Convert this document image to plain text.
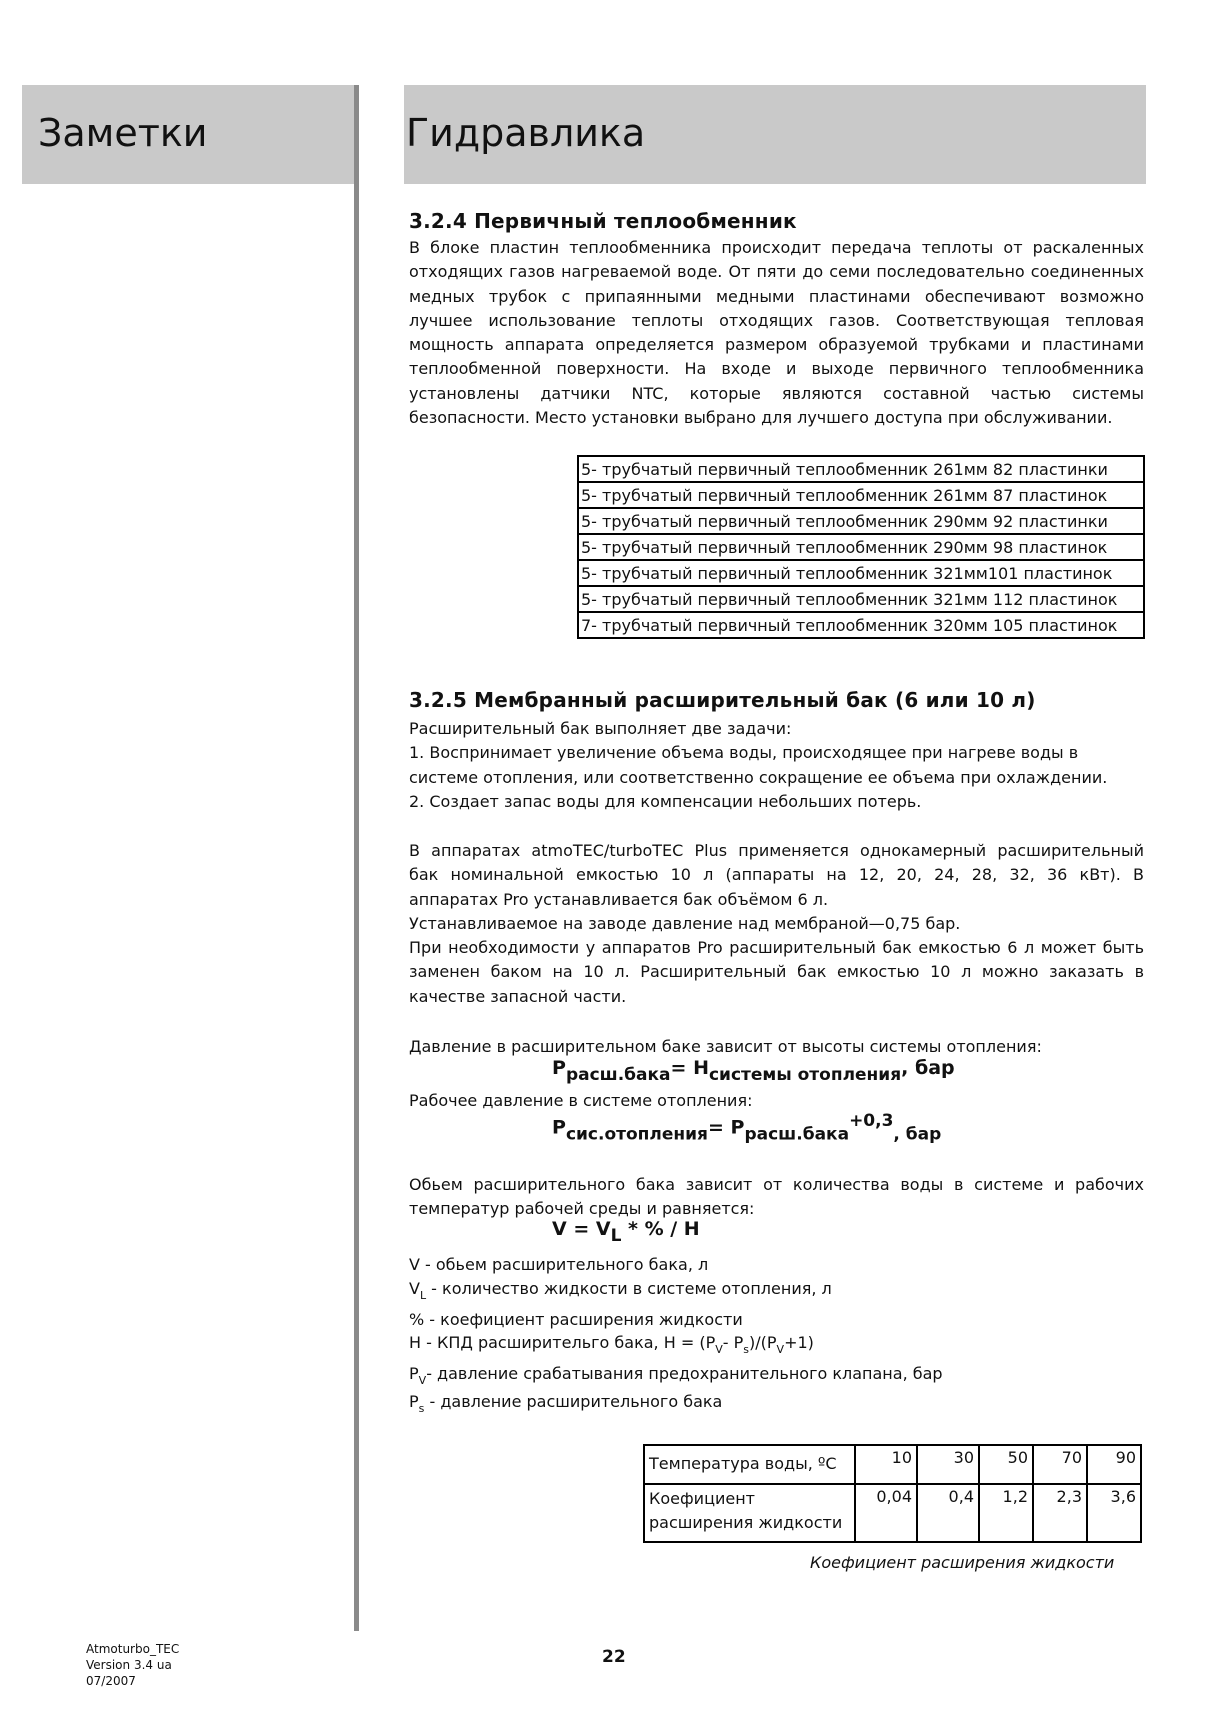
Заметки	Гидравлика
3.2.4 Первичный теплообменник

В блоке пластин теплообменника происходит передача теплоты от раскаленных

отходящих газов нагреваемой воде. От пяти до семи последовательно соединенных

медных трубок с припаянными медными пластинами обеспечивают возможно

лучшее использование теплоты отходящих газов. Соответствующая тепловая

мощность аппарата определяется размером образуемой трубками и пластинами

теплообменной поверхности. На входе и выходе первичного теплообменника

установлены датчики NTC, которые являются составной частью системы

безопасности. Место установки выбрано для лучшего доступа при обслуживании.

5- трубчатый первичный теплообменник 261мм 82 пластинки
5- трубчатый первичный теплообменник 261мм 87 пластинок
5- трубчатый первичный теплообменник 290мм 92 пластинки
5- трубчатый первичный теплообменник 290мм 98 пластинок
5- трубчатый первичный теплообменник 321мм101 пластинок
5- трубчатый первичный теплообменник 321мм 112 пластинок
7- трубчатый первичный теплообменник 320мм 105 пластинок
3.2.5 Мембранный расширительный бак (6 или 10 л)

Расширительный бак выполняет две задачи:

1. Воспринимает увеличение объема воды, происходящее при нагреве воды в

системе отопления, или соответственно сокращение ее объема при охлаждении.

2. Создает запас воды для компенсации небольших потерь.

В аппаратах atmoTEC/turboTEC Plus применяется однокамерный расширительный

бак номинальной емкостью 10 л (аппараты на 12, 20, 24, 28, 32, 36 кВт). В

аппаратах Pro устанавливается бак объёмом 6 л.

Устанавливаемое на заводе давление над мембраной—0,75 бар.

При необходимости у аппаратов Pro расширительный бак емкостью 6 л может быть

заменен баком на 10 л. Расширительный бак емкостью 10 л можно заказать в

качестве запасной части.

Давление в расширительном баке зависит от высоты системы отопления:

$P_{расш.бака}= H_{системы отопления}$, бар

Рабочее давление в системе отопления:

$P_{сис.отопления}= P_{расш.бака}^{+0,3}_{, бар}$

Обьем расширительного бака зависит от количества воды в системе и рабочих

температур рабочей среды и равняется:

$V = V_L$ * % / H
V - обьем расширительного бака, л
$V_L$ - количество жидкости в системе отопления, л
% - коефициент расширения жидкости
H - КПД расширительго бака, $H = (P_V-$ $P_s)/(P_V+1)$
$P_V-$ давление срабатывания предохранительного клапана, бар
$P_s$ - давление расширительного бака
Температура воды, ºC	10	30	50	70	90

Коефициент
расширения жидкости	0,04	0,4	1,2	2,3	3,6
Коефициент расширения жидкости
Atmoturbo_TEC
Version 3.4 ua
07/2007
22
